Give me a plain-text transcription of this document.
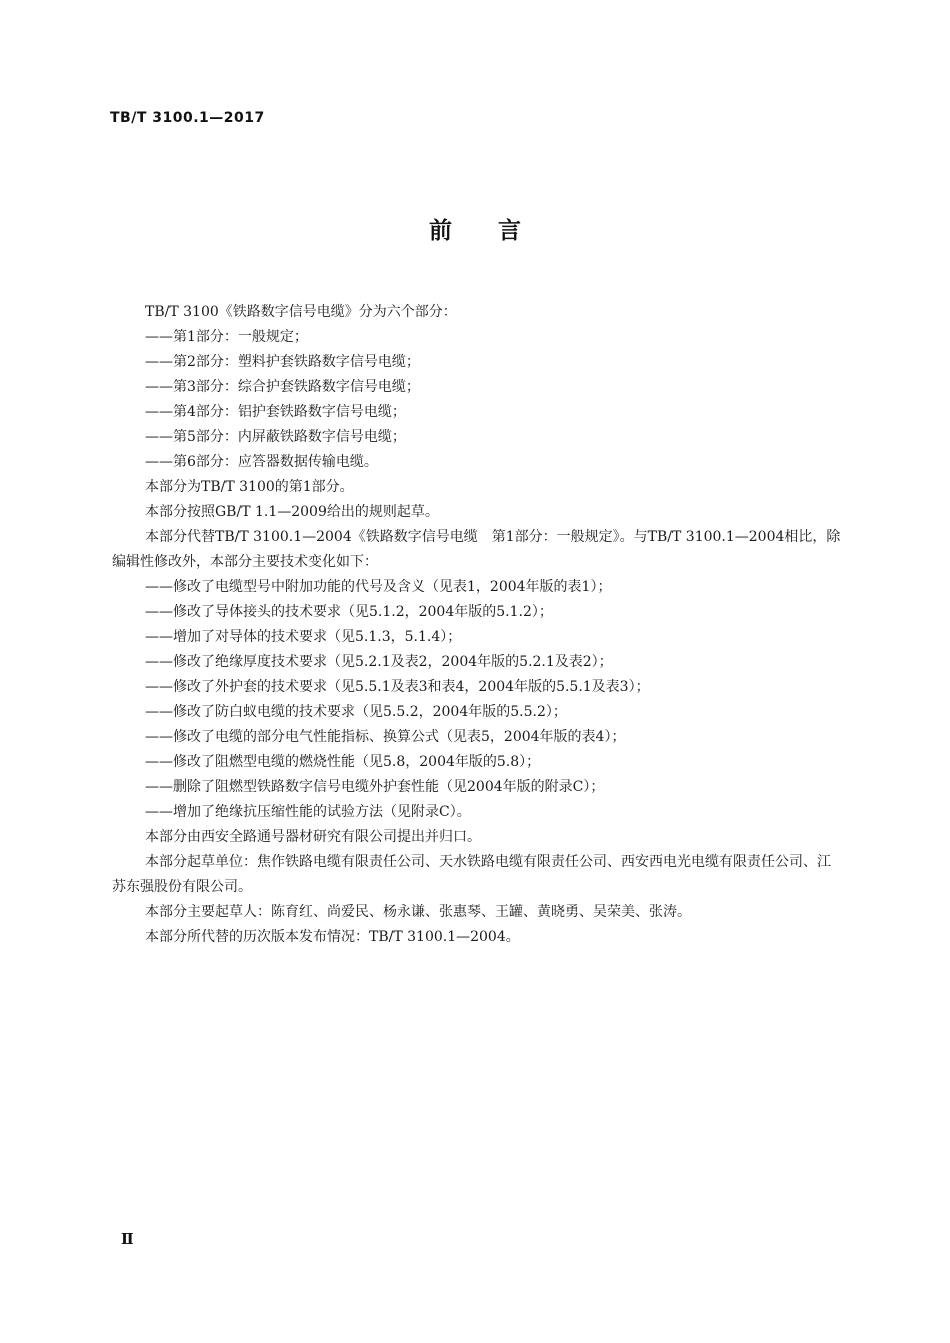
TB/T 3100.1—2017
前言

TB/T 3100《铁路数字信号电缆》分为六个部分：

——第1部分：一般规定；

——第2部分：塑料护套铁路数字信号电缆；

——第3部分：综合护套铁路数字信号电缆；

——第4部分：铝护套铁路数字信号电缆；

——第5部分：内屏蔽铁路数字信号电缆；

——第6部分：应答器数据传输电缆。

本部分为TB/T 3100的第1部分。

本部分按照GB/T 1.1—2009给出的规则起草。

本部分代替TB/T 3100.1—2004《铁路数字信号电缆　第1部分：一般规定》。与TB/T 3100.1—2004相比，除编辑性修改外，本部分主要技术变化如下：

——修改了电缆型号中附加功能的代号及含义（见表1，2004年版的表1）；

——修改了导体接头的技术要求（见5.1.2，2004年版的5.1.2）；

——增加了对导体的技术要求（见5.1.3，5.1.4）；

——修改了绝缘厚度技术要求（见5.2.1及表2，2004年版的5.2.1及表2）；

——修改了外护套的技术要求（见5.5.1及表3和表4，2004年版的5.5.1及表3）；

——修改了防白蚁电缆的技术要求（见5.5.2，2004年版的5.5.2）；

——修改了电缆的部分电气性能指标、换算公式（见表5，2004年版的表4）；

——修改了阻燃型电缆的燃烧性能（见5.8，2004年版的5.8）；

——删除了阻燃型铁路数字信号电缆外护套性能（见2004年版的附录C）；

——增加了绝缘抗压缩性能的试验方法（见附录C）。

本部分由西安全路通号器材研究有限公司提出并归口。

本部分起草单位：焦作铁路电缆有限责任公司、天水铁路电缆有限责任公司、西安西电光电缆有限责任公司、江苏东强股份有限公司。

本部分主要起草人：陈育红、尚爱民、杨永谦、张惠琴、王罐、黄晓勇、吴荣美、张涛。

本部分所代替的历次版本发布情况：TB/T 3100.1—2004。

Ⅱ
